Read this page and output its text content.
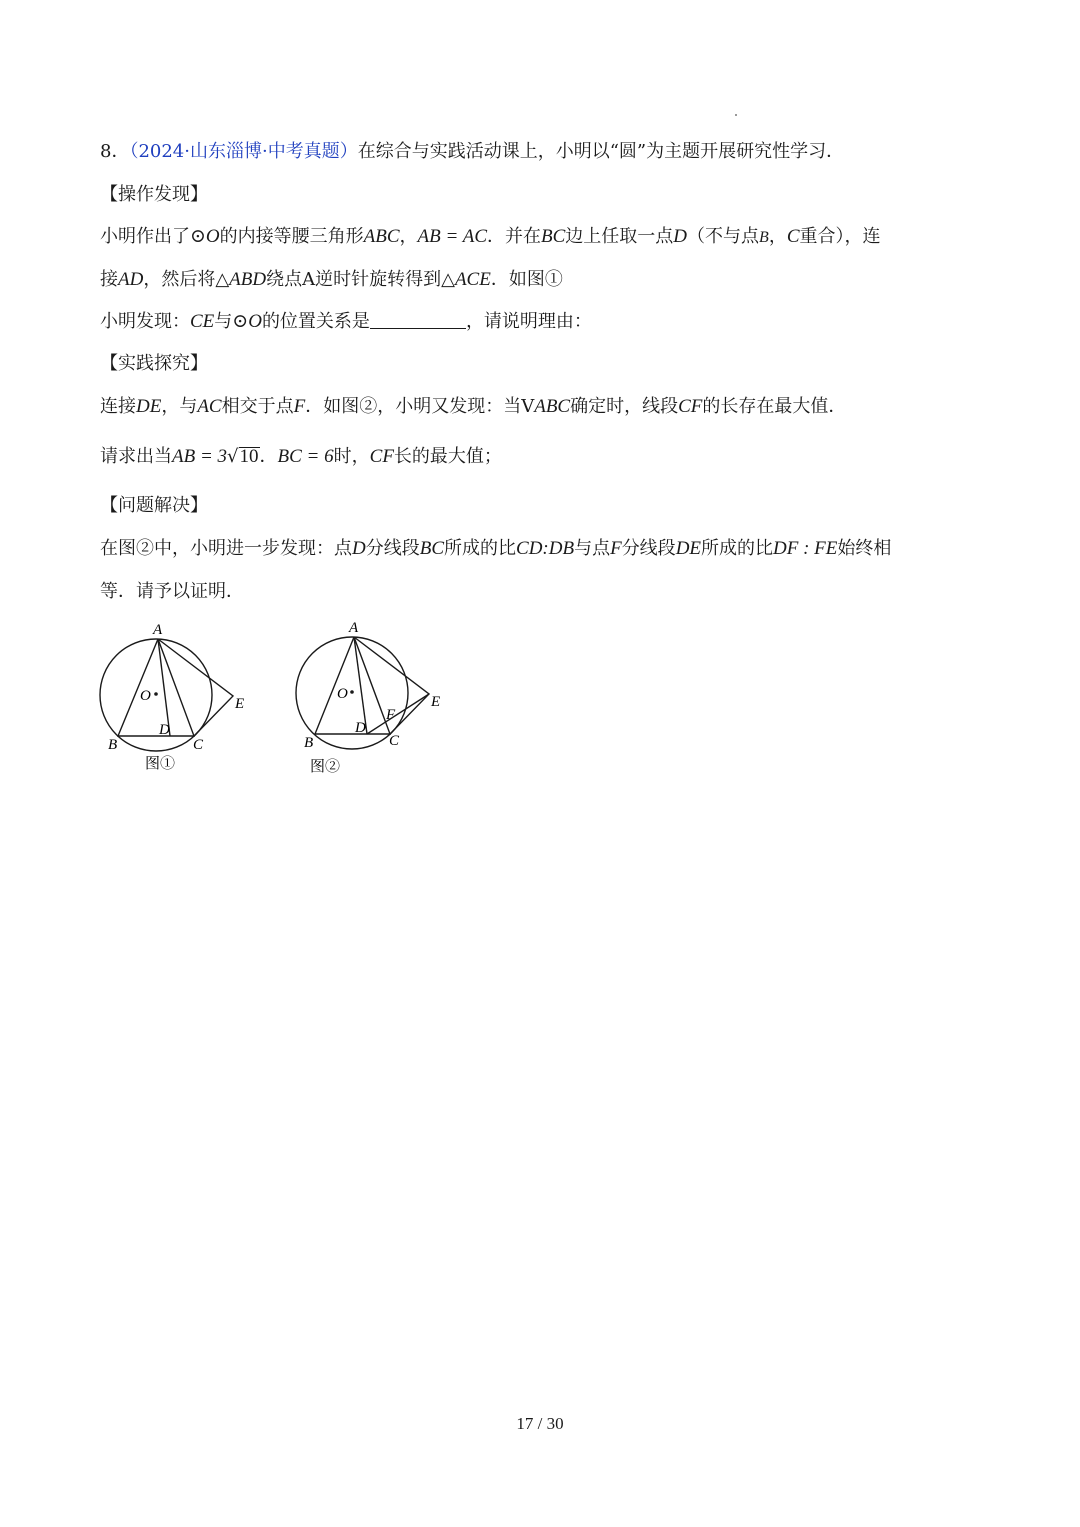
8．（2024·山东淄博·中考真题）在综合与实践活动课上，小明以“圆”为主题开展研究性学习．
【操作发现】
小明作出了⊙O的内接等腰三角形ABC，AB = AC．并在BC边上任取一点D（不与点B，C重合），连
接AD，然后将△ABD绕点A逆时针旋转得到△ACE．如图①
小明发现：CE与⊙O的位置关系是	，请说明理由：
【实践探究】
连接DE，与AC相交于点F．如图②，小明又发现：当VABC确定时，线段CF的长存在最大值．
请求出当AB = 3√10．BC = 6时，CF长的最大值；
【问题解决】
在图②中，小明进一步发现：点D分线段BC所成的比CD:DB与点F分线段DE所成的比DF : FE始终相
等．请予以证明．
A
B	C
D
E
O
图①
A
B	C
D
E
F
O
图②
17 / 30
